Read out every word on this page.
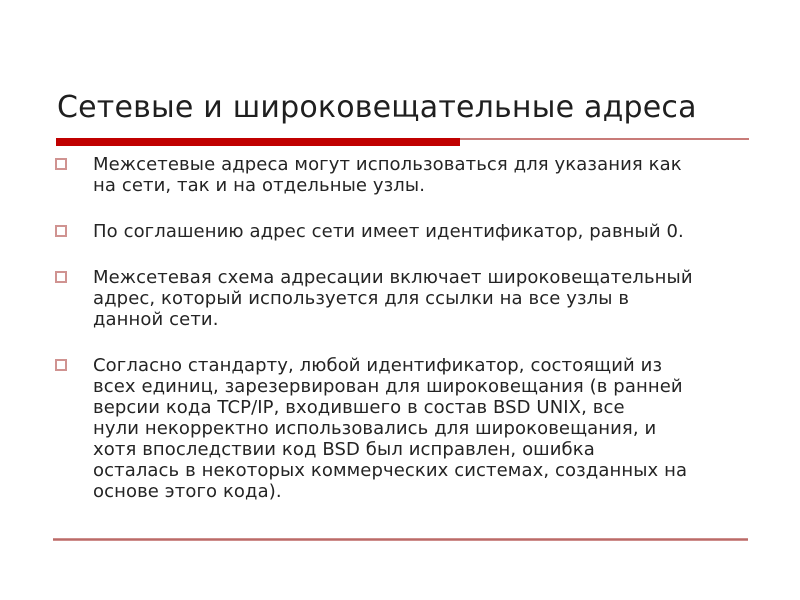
Сетевые и широковещательные адреса
Межсетевые адреса могут использоваться для указания как
на сети, так и на отдельные узлы.
По соглашению адрес сети имеет идентификатор, равный 0.
Межсетевая схема адресации включает широковещательный
адрес, который используется для ссылки на все узлы в
данной сети.
Согласно стандарту, любой идентификатор, состоящий из
всех единиц, зарезервирован для широковещания (в ранней
версии кода TCP/IP, входившего в состав BSD UNIX, все
нули некорректно использовались для широковещания, и
хотя впоследствии код BSD был исправлен, ошибка
осталась в некоторых коммерческих системах, созданных на
основе этого кода).
